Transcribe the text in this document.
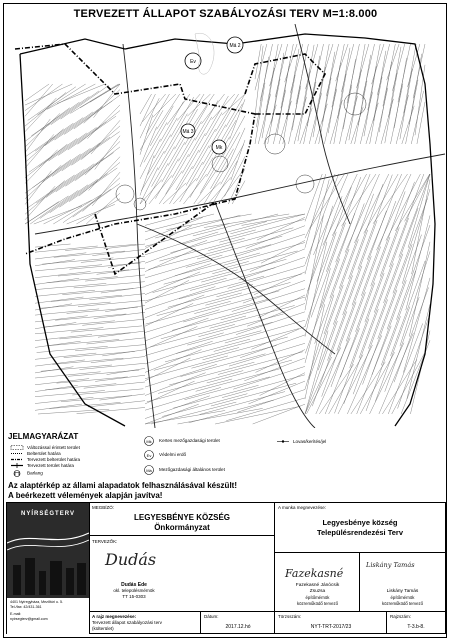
TERVEZETT ÁLLAPOT SZABÁLYOZÁSI TERV M=1:8.000
Má 2
Ev
Má 3
Mk
JELMAGYARÁZAT
Változással érintett terület
Belterület határa
Tervezett belterület határa
Tervezett terület határa
Barlang
Mk Kertes mezőgazdasági terület
Ev Védelmi erdő
Má Mezőgazdasági általános terület
Lovas/kerítés/jel
Az alaptérkép az állami alapadatok felhasználásával készült!
A beérkezett vélemények alapján javítva!
NYÍRSÉGTERV
4401 Nyíregyháza, Mezőtúri u. 5.
Tel./fax: 42/431-361
E-mail:
nyirsegterv@gmail.com
MEGBÍZÓ:
LEGYESBÉNYE KÖZSÉG
Önkormányzat
A munka megnevezése:
Legyesbénye község
Településrendezési Terv
TERVEZŐK:
Dudás
Dudás Ede
okl. településmérnök
TT 15-0303
Fazekasné
Fazekasné Jánócsik
Zsuzsa
építőmérnök
közreműködő tervező
Liskány Tamás
Liskány Tamás
építőmérnök
közreműködő tervező
A rajz megnevezése:
Tervezett állapot szabályozási terv
(külterület)
Dátum:
2017.12.hó
Törzsszám:
NYT-TRT-2017/23
Rajzszám:
T-3.b-8.
